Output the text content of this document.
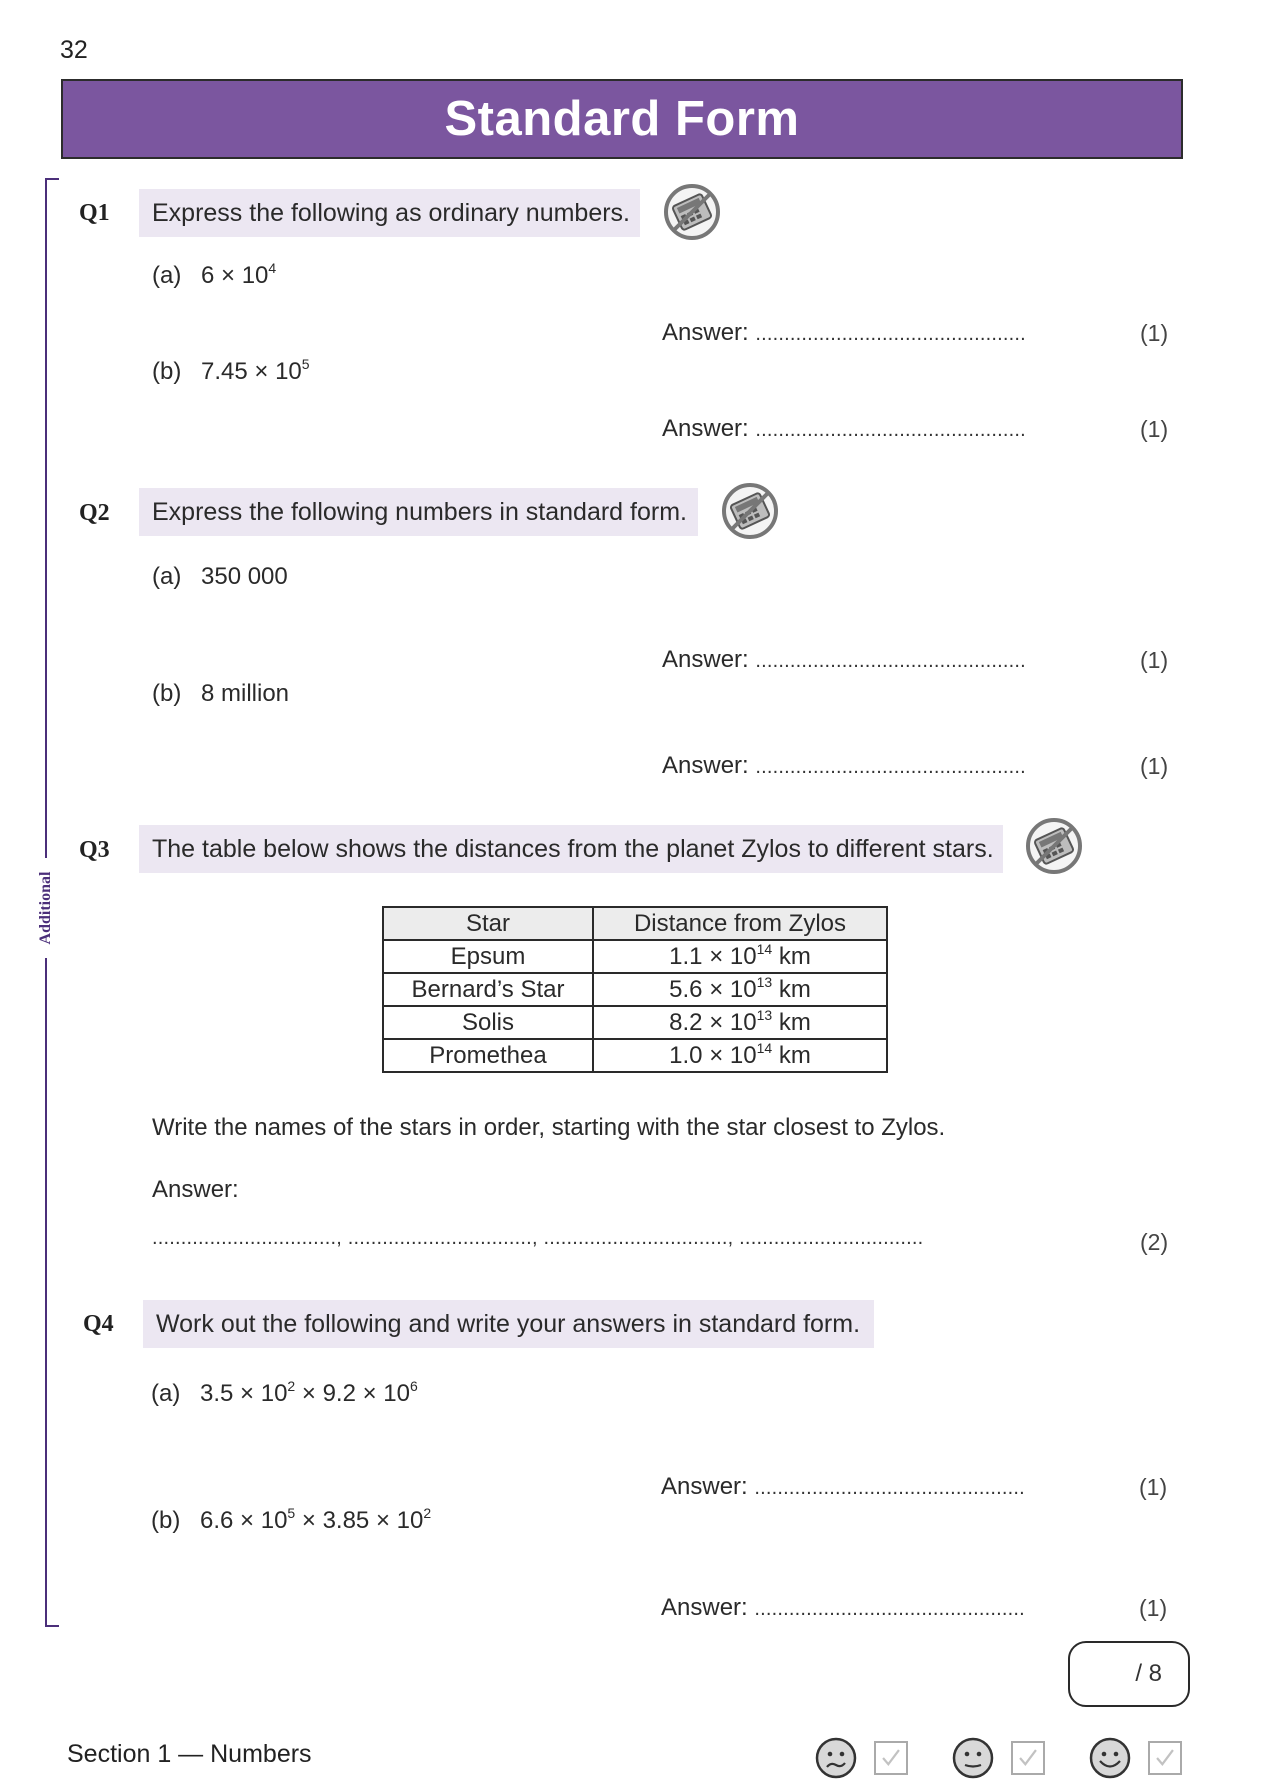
32
Standard Form
Additional
Q1	Express the following as ordinary numbers.
(a) $6 \times 10^4$
Answer: ...............................................	(1)
(b) $7.45 \times 10^5$
Answer: ...............................................	(1)
Q2	Express the following numbers in standard form.
(a) 350 000
Answer: ...............................................	(1)
(b) 8 million
Answer: ...............................................	(1)
Q3	The table below shows the distances from the planet Zylos to different stars.
Star	Distance from Zylos
Epsum	$1.1 \times 10^{14}$ km
Bernard’s Star	$5.6 \times 10^{13}$ km
Solis	$8.2 \times 10^{13}$ km
Promethea	$1.0 \times 10^{14}$ km
Write the names of the stars in order, starting with the star closest to Zylos.
Answer:
................................, ................................, ................................, ................................	(2)
Q4	Work out the following and write your answers in standard form.
(a) $3.5 \times 10^2 \times 9.2 \times 10^6$
Answer: ...............................................	(1)
(b) $6.6 \times 10^5 \times 3.85 \times 10^2$
Answer: ...............................................	(1)
/ 8
Section 1 — Numbers
